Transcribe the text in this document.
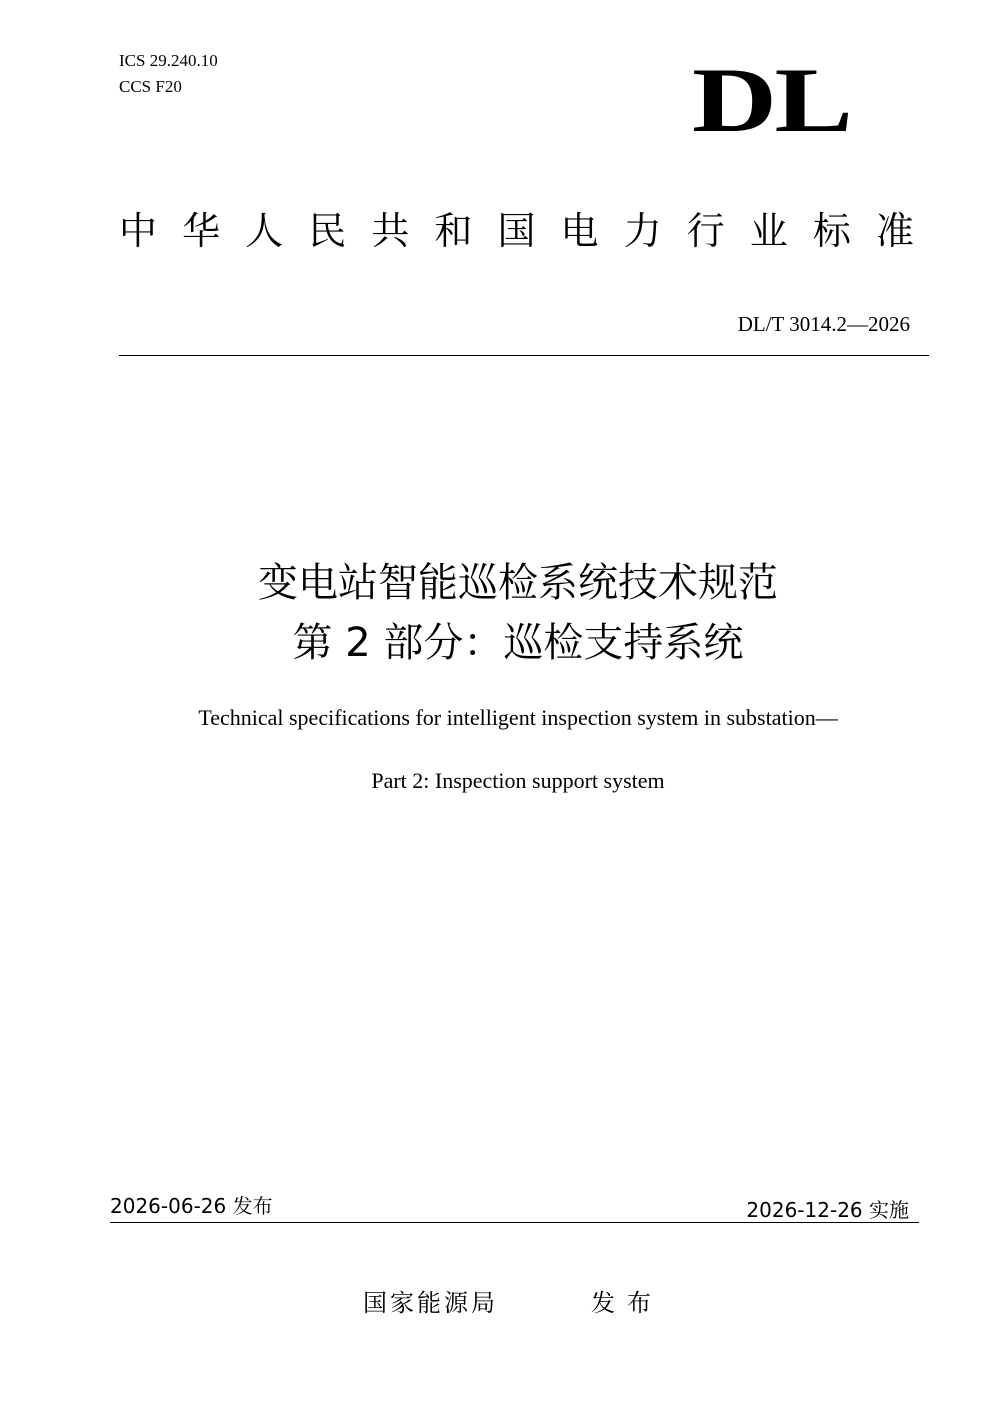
ICS 29.240.10
CCS F20	DL
中 华 人 民 共 和 国 电 力 行 业 标 准
DL/T 3014.2—2026
变电站智能巡检系统技术规范
第 2 部分：巡检支持系统
Technical specifications for intelligent inspection system in substation—
Part 2: Inspection support system
2026-06-26 发布	2026-12-26 实施
国家能源局	发布
